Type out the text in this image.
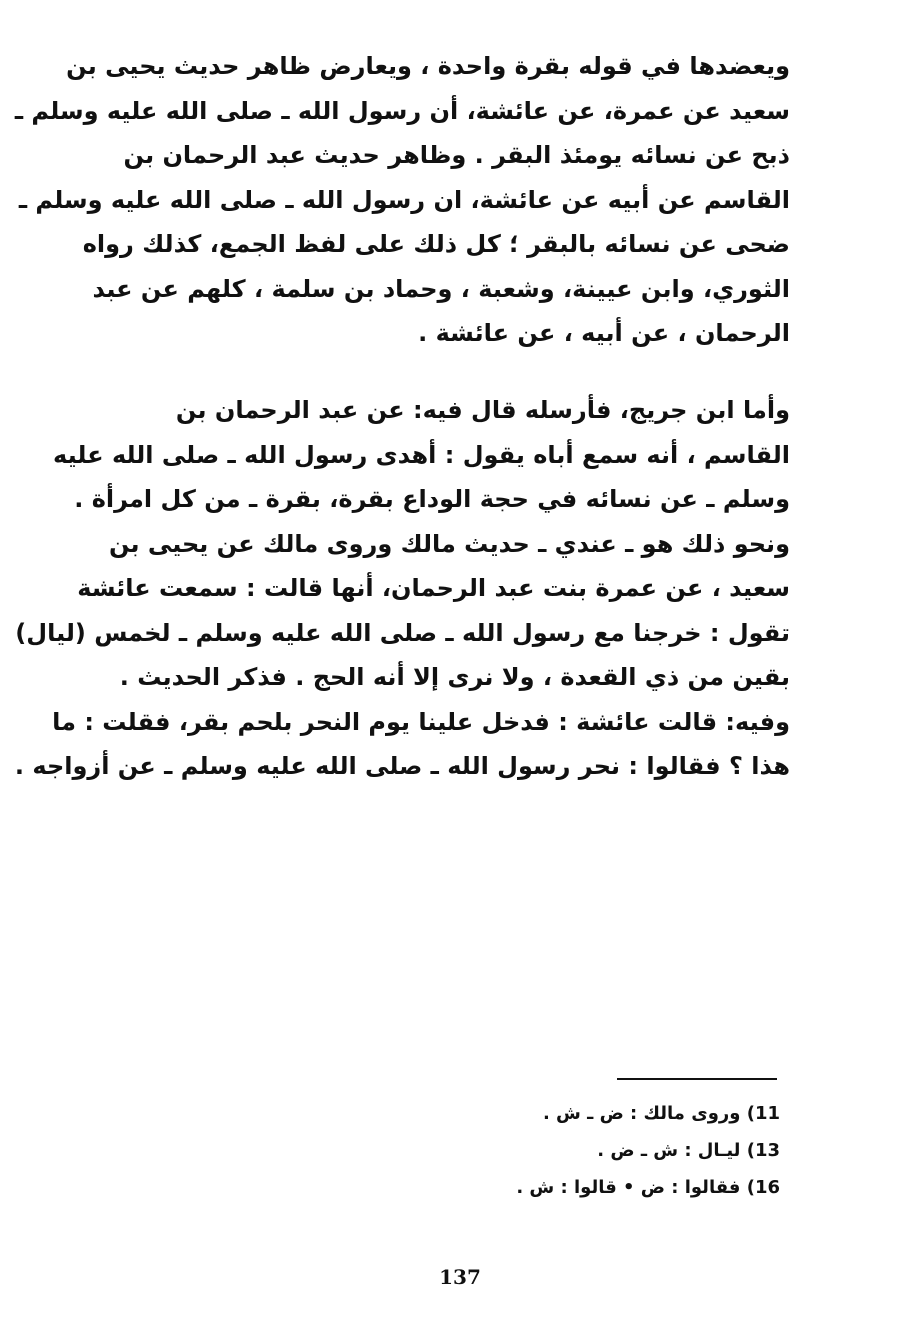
ويعضدها في قوله بقرة واحدة ، ويعارض ظاهر حديث يحيى بن
سعيد عن عمرة، عن عائشة، أن رسول الله ـ صلى الله عليه وسلم ـ
ذبح عن نسائه يومئذ البقر . وظاهر حديث عبد الرحمان بن
القاسم عن أبيه عن عائشة، ان رسول الله ـ صلى الله عليه وسلم ـ
ضحى عن نسائه بالبقر ؛ كل ذلك على لفظ الجمع، كذلك رواه
الثوري، وابن عيينة، وشعبة ، وحماد بن سلمة ، كلهم عن عبد
الرحمان ، عن أبيه ، عن عائشة .
وأما ابن جريج، فأرسله قال فيه: عن عبد الرحمان بن
القاسم ، أنه سمع أباه يقول : أهدى رسول الله ـ صلى الله عليه
وسلم ـ عن نسائه في حجة الوداع بقرة، بقرة ـ من كل امرأة .
ونحو ذلك هو ـ عندي ـ حديث مالك وروى مالك عن يحيى بن
سعيد ، عن عمرة بنت عبد الرحمان، أنها قالت : سمعت عائشة
تقول : خرجنا مع رسول الله ـ صلى الله عليه وسلم ـ لخمس (ليال)
بقين من ذي القعدة ، ولا نرى إلا أنه الحج . فذكر الحديث .
وفيه: قالت عائشة : فدخل علينا يوم النحر بلحم بقر، فقلت : ما
هذا ؟ فقالوا : نحر رسول الله ـ صلى الله عليه وسلم ـ عن أزواجه .
11) وروى مالك : ض ـ ش .
13) ليـال : ش ـ ض .
16) فقالوا : ض • قالوا : ش .
137
